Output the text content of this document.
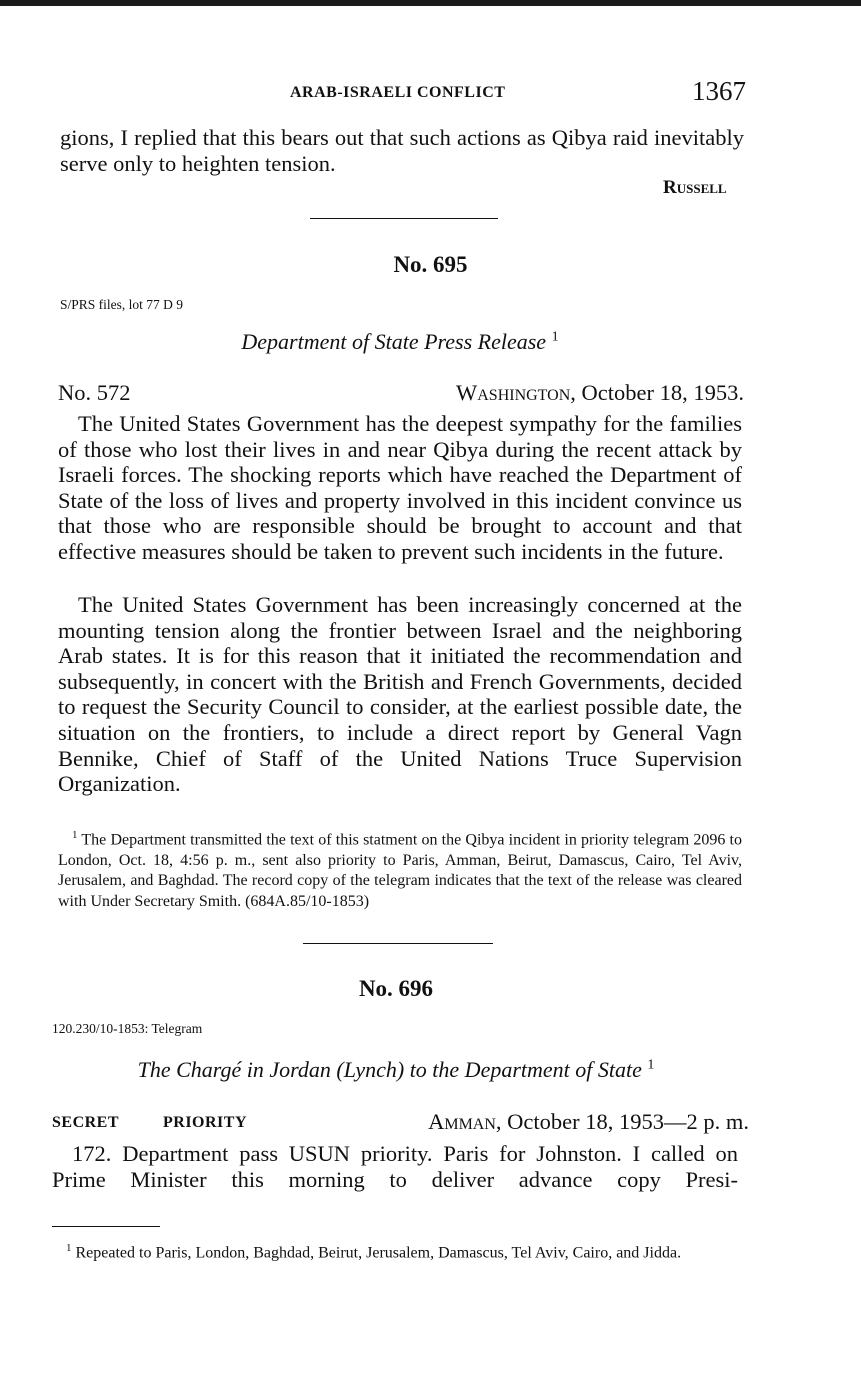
ARAB-ISRAELI CONFLICT	1367

gions, I replied that this bears out that such actions as Qibya raid inevitably serve only to heighten tension.

Russell
No. 695
S/PRS files, lot 77 D 9
Department of State Press Release $^1$
No. 572	Washington, October 18, 1953.

The United States Government has the deepest sympathy for the families of those who lost their lives in and near Qibya during the recent attack by Israeli forces. The shocking reports which have reached the Department of State of the loss of lives and property involved in this incident convince us that those who are responsible should be brought to account and that effective measures should be taken to prevent such incidents in the future.

The United States Government has been increasingly concerned at the mounting tension along the frontier between Israel and the neighboring Arab states. It is for this reason that it initiated the recommendation and subsequently, in concert with the British and French Governments, decided to request the Security Council to consider, at the earliest possible date, the situation on the frontiers, to include a direct report by General Vagn Bennike, Chief of Staff of the United Nations Truce Supervision Organization.

$^1$ The Department transmitted the text of this statment on the Qibya incident in priority telegram 2096 to London, Oct. 18, 4:56 p. m., sent also priority to Paris, Amman, Beirut, Damascus, Cairo, Tel Aviv, Jerusalem, and Baghdad. The record copy of the telegram indicates that the text of the release was cleared with Under Secretary Smith. (684A.85/10-1853)

No. 696
120.230/10-1853: Telegram
The Chargé in Jordan (Lynch) to the Department of State $^1$
SECRET	PRIORITY	Amman, October 18, 1953—2 p. m.

172. Department pass USUN priority. Paris for Johnston. I called on Prime Minister this morning to deliver advance copy Presi-

$^1$ Repeated to Paris, London, Baghdad, Beirut, Jerusalem, Damascus, Tel Aviv, Cairo, and Jidda.
